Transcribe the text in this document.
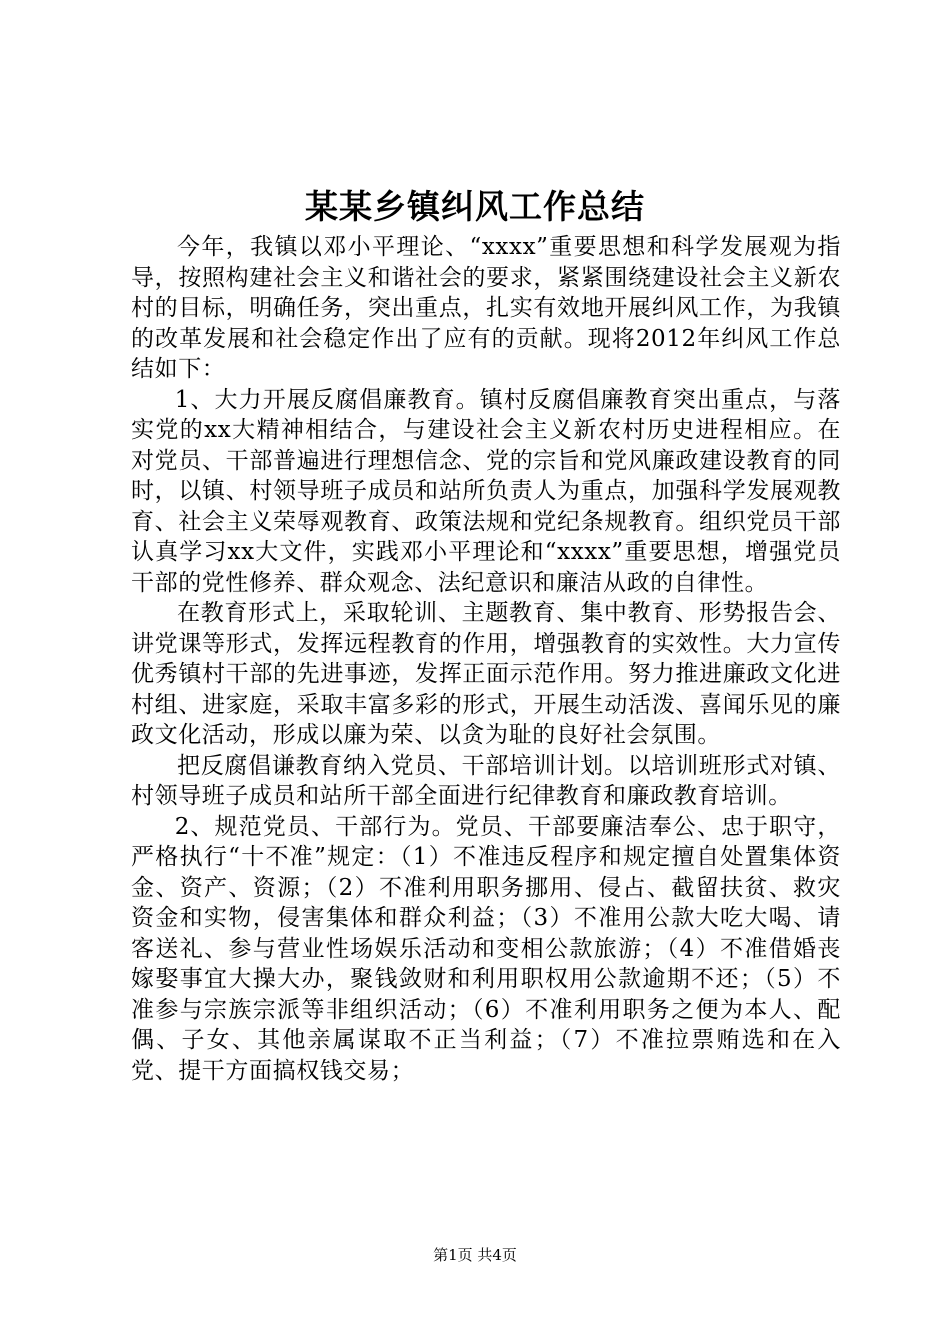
某某乡镇纠风工作总结

今年，我镇以邓小平理论、“xxxx”重要思想和科学发展观为指导，按照构建社会主义和谐社会的要求，紧紧围绕建设社会主义新农村的目标，明确任务，突出重点，扎实有效地开展纠风工作，为我镇的改革发展和社会稳定作出了应有的贡献。现将2012年纠风工作总结如下：

1、大力开展反腐倡廉教育。镇村反腐倡廉教育突出重点，与落实党的xx大精神相结合，与建设社会主义新农村历史进程相应。在对党员、干部普遍进行理想信念、党的宗旨和党风廉政建设教育的同时，以镇、村领导班子成员和站所负责人为重点，加强科学发展观教育、社会主义荣辱观教育、政策法规和党纪条规教育。组织党员干部认真学习xx大文件，实践邓小平理论和“xxxx”重要思想，增强党员干部的党性修养、群众观念、法纪意识和廉洁从政的自律性。

在教育形式上，采取轮训、主题教育、集中教育、形势报告会、讲党课等形式，发挥远程教育的作用，增强教育的实效性。大力宣传优秀镇村干部的先进事迹，发挥正面示范作用。努力推进廉政文化进村组、进家庭，采取丰富多彩的形式，开展生动活泼、喜闻乐见的廉政文化活动，形成以廉为荣、以贪为耻的良好社会氛围。

把反腐倡谦教育纳入党员、干部培训计划。以培训班形式对镇、村领导班子成员和站所干部全面进行纪律教育和廉政教育培训。

2、规范党员、干部行为。党员、干部要廉洁奉公、忠于职守，严格执行“十不准”规定：（1）不准违反程序和规定擅自处置集体资金、资产、资源；（2）不准利用职务挪用、侵占、截留扶贫、救灾资金和实物，侵害集体和群众利益；（3）不准用公款大吃大喝、请客送礼、参与营业性场娱乐活动和变相公款旅游；（4）不准借婚丧嫁娶事宜大操大办，聚钱敛财和利用职权用公款逾期不还；（5）不准参与宗族宗派等非组织活动；（6）不准利用职务之便为本人、配偶、子女、其他亲属谋取不正当利益；（7）不准拉票贿选和在入党、提干方面搞权钱交易；

第1页 共4页
